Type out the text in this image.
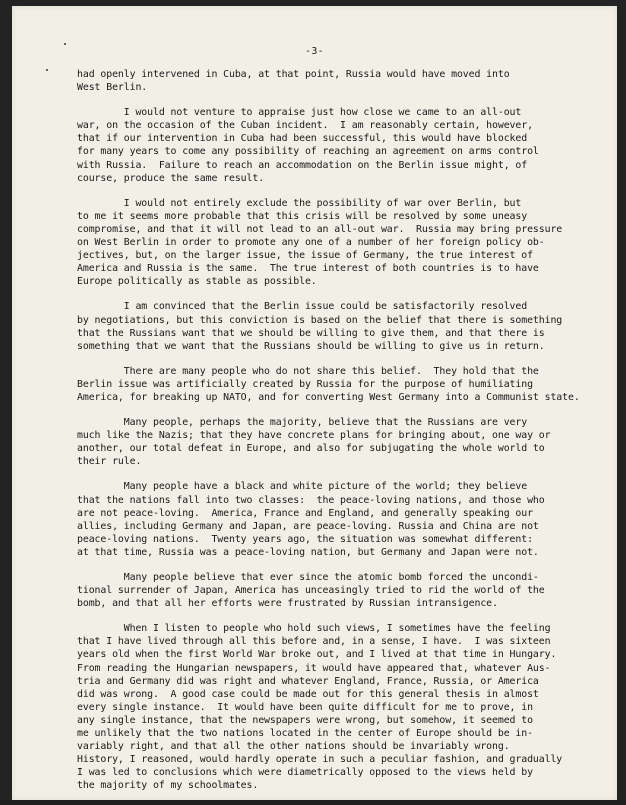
-3-
had openly intervened in Cuba, at that point, Russia would have moved into
West Berlin.
I would not venture to appraise just how close we came to an all-out
war, on the occasion of the Cuban incident.  I am reasonably certain, however,
that if our intervention in Cuba had been successful, this would have blocked
for many years to come any possibility of reaching an agreement on arms control
with Russia.  Failure to reach an accommodation on the Berlin issue might, of
course, produce the same result.
I would not entirely exclude the possibility of war over Berlin, but
to me it seems more probable that this crisis will be resolved by some uneasy
compromise, and that it will not lead to an all-out war.  Russia may bring pressure
on West Berlin in order to promote any one of a number of her foreign policy ob-
jectives, but, on the larger issue, the issue of Germany, the true interest of
America and Russia is the same.  The true interest of both countries is to have
Europe politically as stable as possible.
I am convinced that the Berlin issue could be satisfactorily resolved
by negotiations, but this conviction is based on the belief that there is something
that the Russians want that we should be willing to give them, and that there is
something that we want that the Russians should be willing to give us in return.
There are many people who do not share this belief.  They hold that the
Berlin issue was artificially created by Russia for the purpose of humiliating
America, for breaking up NATO, and for converting West Germany into a Communist state.
Many people, perhaps the majority, believe that the Russians are very
much like the Nazis; that they have concrete plans for bringing about, one way or
another, our total defeat in Europe, and also for subjugating the whole world to
their rule.
Many people have a black and white picture of the world; they believe
that the nations fall into two classes:  the peace-loving nations, and those who
are not peace-loving.  America, France and England, and generally speaking our
allies, including Germany and Japan, are peace-loving. Russia and China are not
peace-loving nations.  Twenty years ago, the situation was somewhat different:
at that time, Russia was a peace-loving nation, but Germany and Japan were not.
Many people believe that ever since the atomic bomb forced the uncondi-
tional surrender of Japan, America has unceasingly tried to rid the world of the
bomb, and that all her efforts were frustrated by Russian intransigence.
When I listen to people who hold such views, I sometimes have the feeling
that I have lived through all this before and, in a sense, I have.  I was sixteen
years old when the first World War broke out, and I lived at that time in Hungary.
From reading the Hungarian newspapers, it would have appeared that, whatever Aus-
tria and Germany did was right and whatever England, France, Russia, or America
did was wrong.  A good case could be made out for this general thesis in almost
every single instance.  It would have been quite difficult for me to prove, in
any single instance, that the newspapers were wrong, but somehow, it seemed to
me unlikely that the two nations located in the center of Europe should be in-
variably right, and that all the other nations should be invariably wrong.
History, I reasoned, would hardly operate in such a peculiar fashion, and gradually
I was led to conclusions which were diametrically opposed to the views held by
the majority of my schoolmates.
